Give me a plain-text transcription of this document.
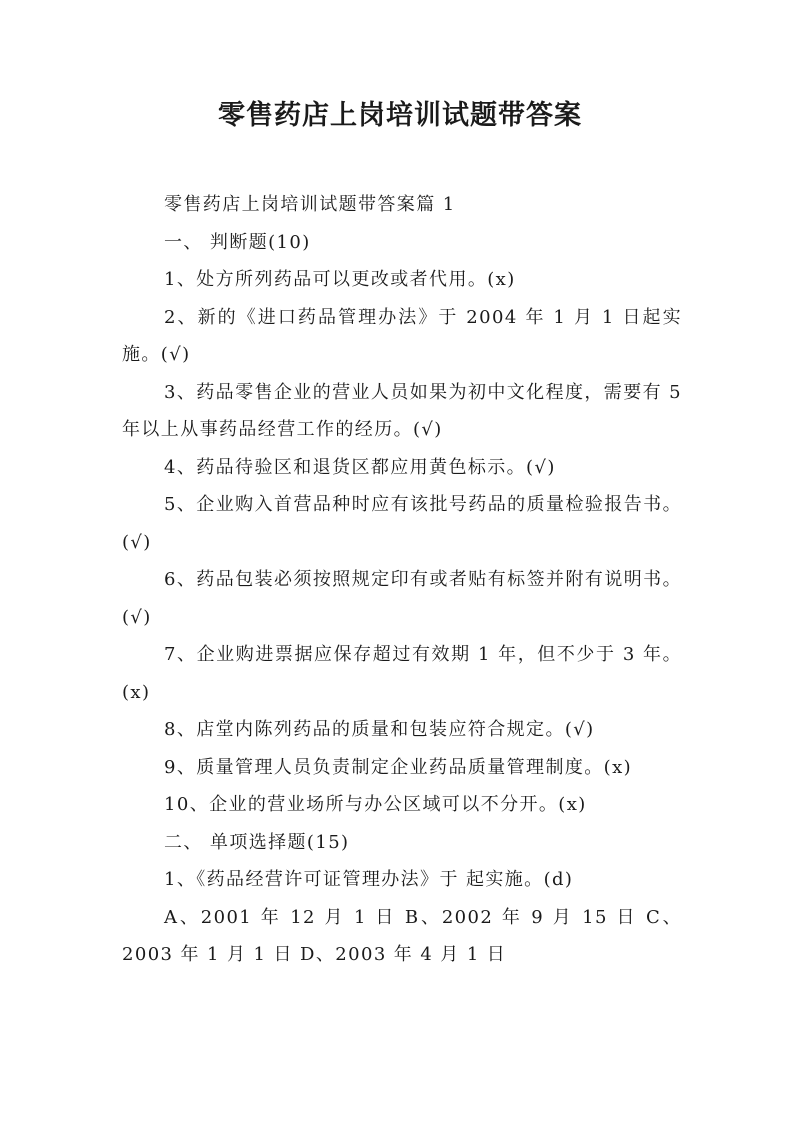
零售药店上岗培训试题带答案

零售药店上岗培训试题带答案篇 1

一、 判断题(10)

1、处方所列药品可以更改或者代用。(x)

2、新的《进口药品管理办法》于 2004 年 1 月 1 日起实施。(√)

3、药品零售企业的营业人员如果为初中文化程度，需要有 5 年以上从事药品经营工作的经历。(√)

4、药品待验区和退货区都应用黄色标示。(√)

5、企业购入首营品种时应有该批号药品的质量检验报告书。(√)

6、药品包装必须按照规定印有或者贴有标签并附有说明书。(√)

7、企业购进票据应保存超过有效期 1 年，但不少于 3 年。(x)

8、店堂内陈列药品的质量和包装应符合规定。(√)

9、质量管理人员负责制定企业药品质量管理制度。(x)

10、企业的营业场所与办公区域可以不分开。(x)

二、 单项选择题(15)

1、《药品经营许可证管理办法》于 起实施。(d)

A、2001 年 12 月 1 日 B、2002 年 9 月 15 日 C、2003 年 1 月 1 日 D、2003 年 4 月 1 日
